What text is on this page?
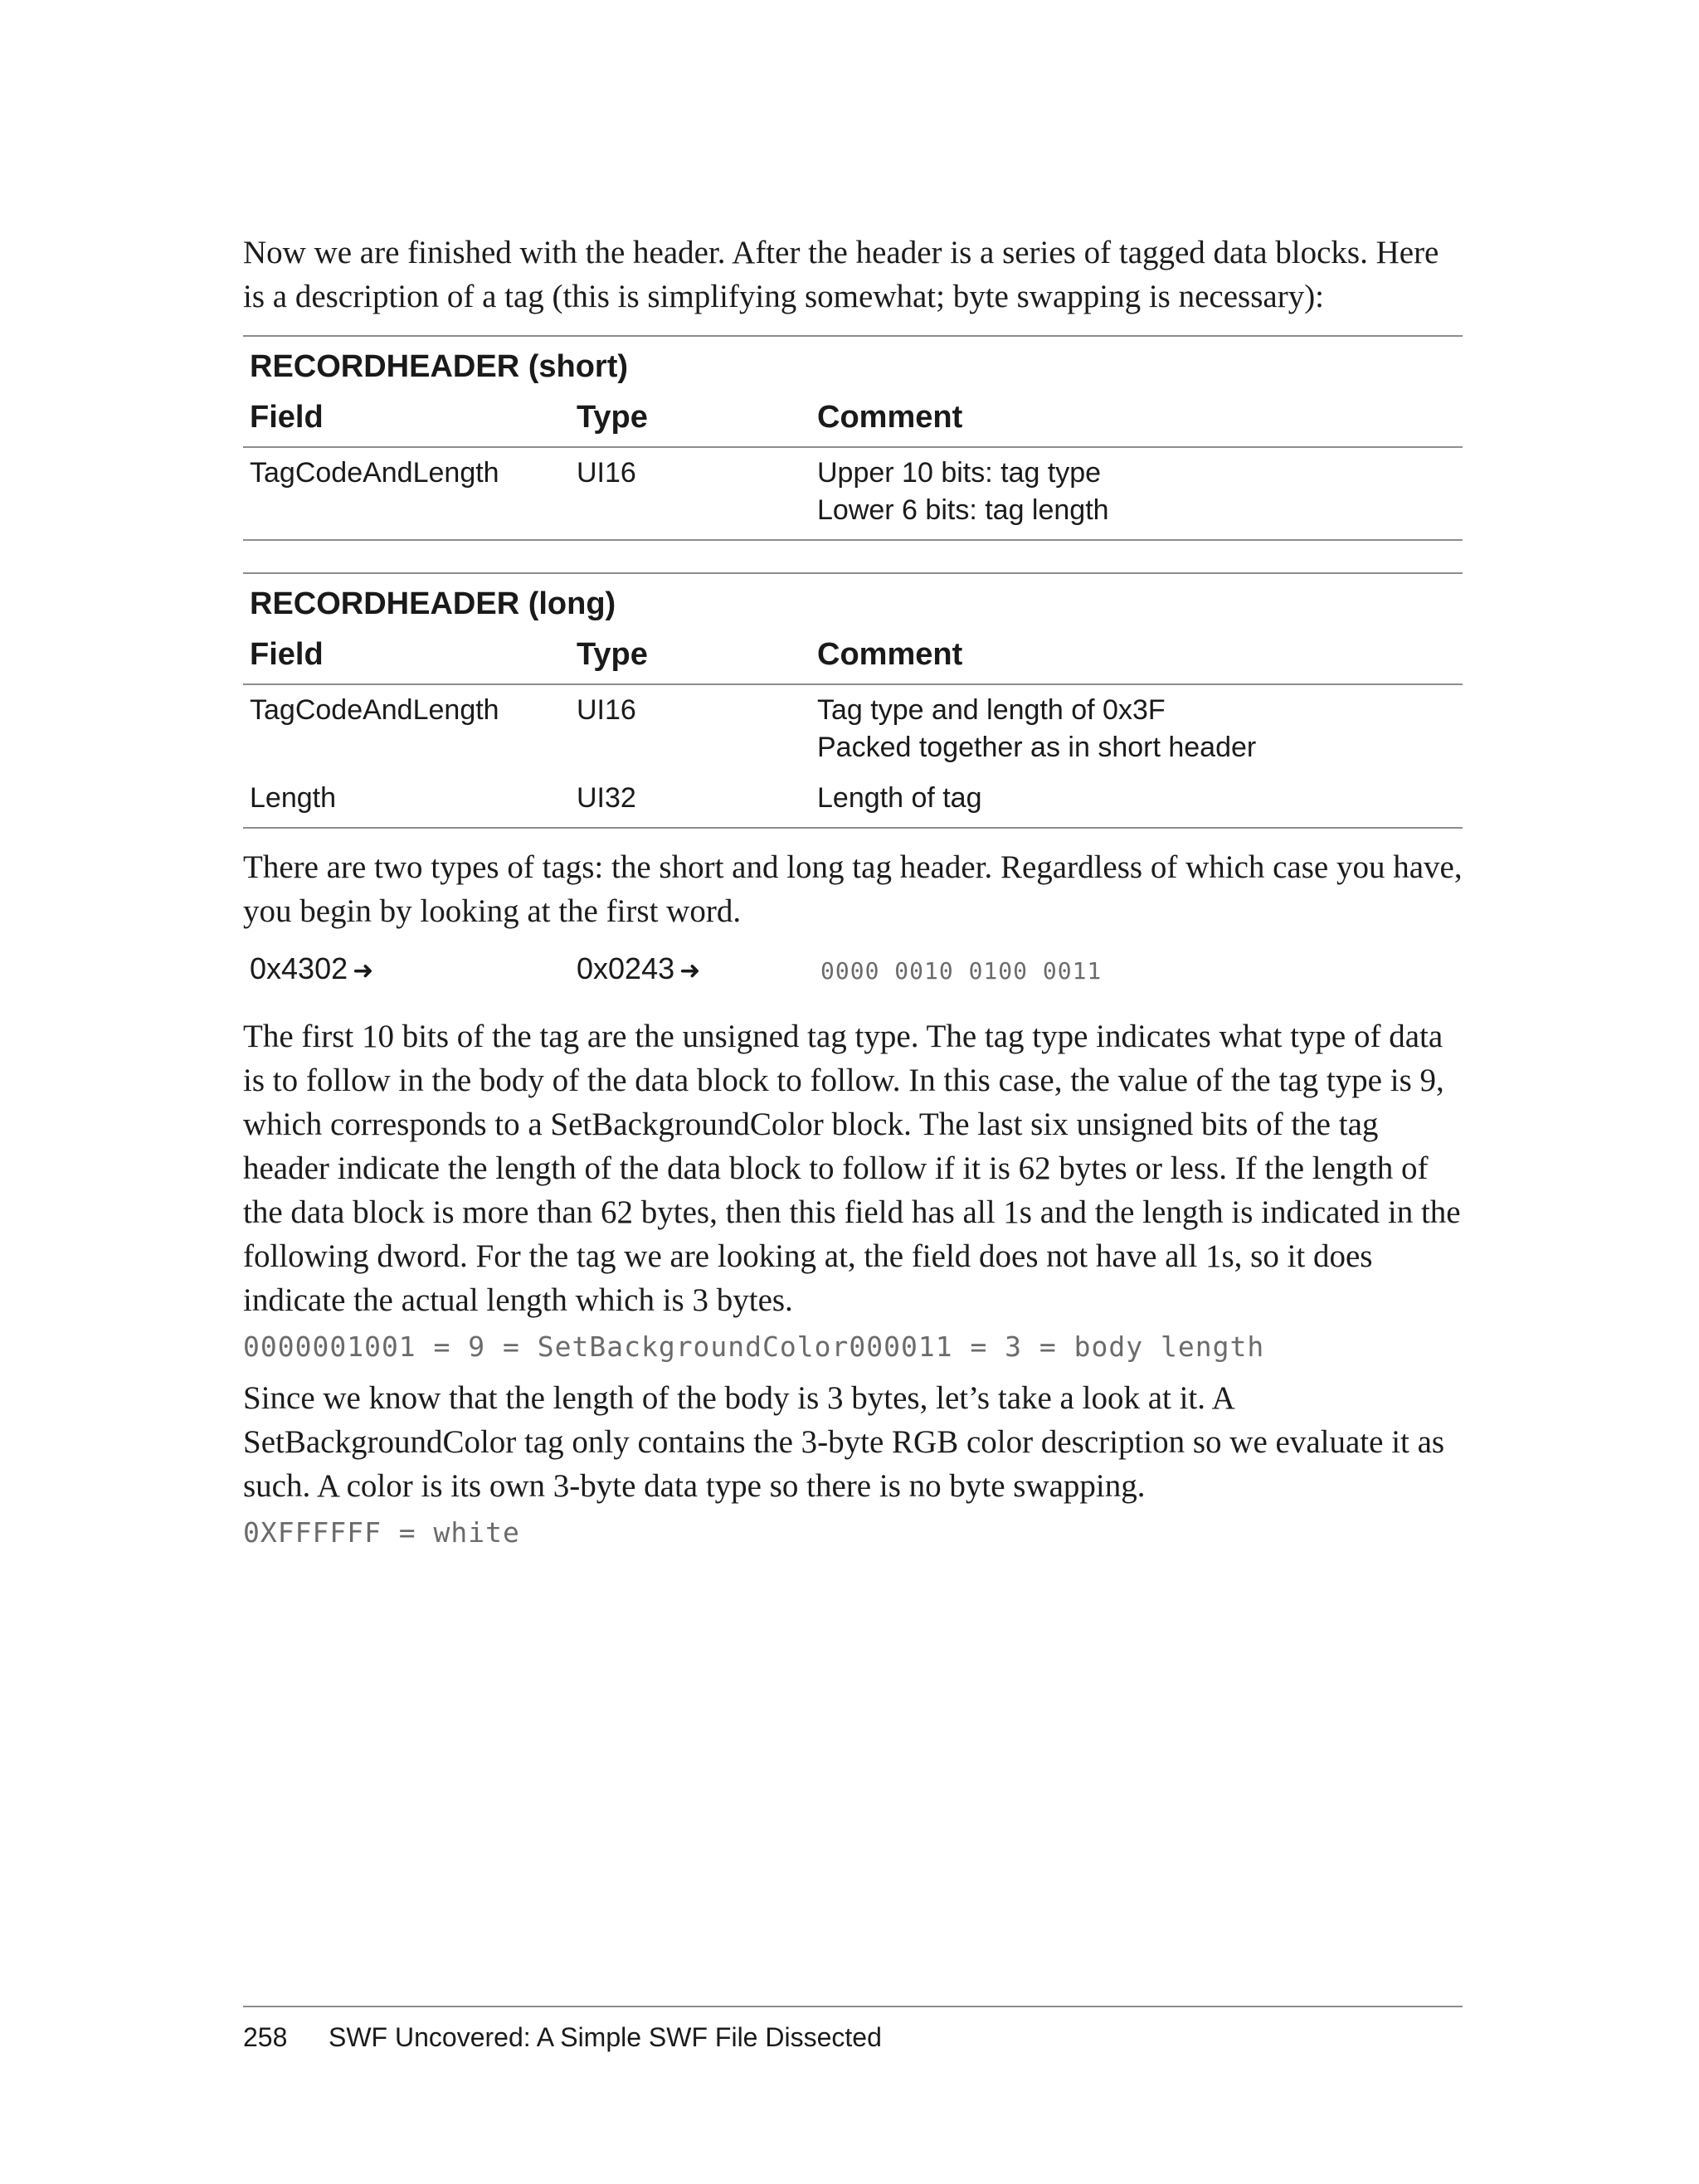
Now we are finished with the header. After the header is a series of tagged data blocks. Here is a description of a tag (this is simplifying somewhat; byte swapping is necessary):

RECORDHEADER (short)
Field	Type	Comment
TagCodeAndLength	UI16	Upper 10 bits: tag type
Lower 6 bits: tag length
RECORDHEADER (long)
Field	Type	Comment
TagCodeAndLength	UI16	Tag type and length of 0x3F
Packed together as in short header
Length	UI32	Length of tag

There are two types of tags: the short and long tag header. Regardless of which case you have, you begin by looking at the first word.

0x4302 ➜	0x0243 ➜	0000 0010 0100 0011

The first 10 bits of the tag are the unsigned tag type. The tag type indicates what type of data is to follow in the body of the data block to follow. In this case, the value of the tag type is 9, which corresponds to a SetBackgroundColor block. The last six unsigned bits of the tag header indicate the length of the data block to follow if it is 62 bytes or less. If the length of the data block is more than 62 bytes, then this field has all 1s and the length is indicated in the following dword. For the tag we are looking at, the field does not have all 1s, so it does indicate the actual length which is 3 bytes.

0000001001 = 9 = SetBackgroundColor000011 = 3 = body length

Since we know that the length of the body is 3 bytes, let’s take a look at it. A SetBackgroundColor tag only contains the 3-byte RGB color description so we evaluate it as such. A color is its own 3-byte data type so there is no byte swapping.

0XFFFFFF = white

258 SWF Uncovered: A Simple SWF File Dissected
